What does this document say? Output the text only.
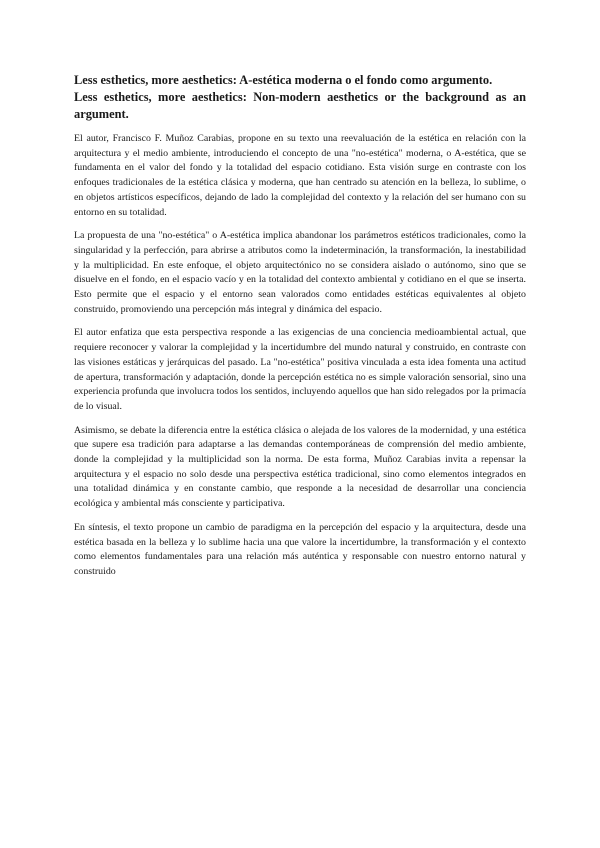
Less esthetics, more aesthetics: A-estética moderna o el fondo como argumento.
Less esthetics, more aesthetics: Non-modern aesthetics or the background as an argument.

El autor, Francisco F. Muñoz Carabias, propone en su texto una reevaluación de la estética en relación con la arquitectura y el medio ambiente, introduciendo el concepto de una "no-estética" moderna, o A-estética, que se fundamenta en el valor del fondo y la totalidad del espacio cotidiano. Esta visión surge en contraste con los enfoques tradicionales de la estética clásica y moderna, que han centrado su atención en la belleza, lo sublime, o en objetos artísticos específicos, dejando de lado la complejidad del contexto y la relación del ser humano con su entorno en su totalidad.

La propuesta de una "no-estética" o A-estética implica abandonar los parámetros estéticos tradicionales, como la singularidad y la perfección, para abrirse a atributos como la indeterminación, la transformación, la inestabilidad y la multiplicidad. En este enfoque, el objeto arquitectónico no se considera aislado o autónomo, sino que se disuelve en el fondo, en el espacio vacío y en la totalidad del contexto ambiental y cotidiano en el que se inserta. Esto permite que el espacio y el entorno sean valorados como entidades estéticas equivalentes al objeto construido, promoviendo una percepción más integral y dinámica del espacio.

El autor enfatiza que esta perspectiva responde a las exigencias de una conciencia medioambiental actual, que requiere reconocer y valorar la complejidad y la incertidumbre del mundo natural y construido, en contraste con las visiones estáticas y jerárquicas del pasado. La "no-estética" positiva vinculada a esta idea fomenta una actitud de apertura, transformación y adaptación, donde la percepción estética no es simple valoración sensorial, sino una experiencia profunda que involucra todos los sentidos, incluyendo aquellos que han sido relegados por la primacía de lo visual.

Asimismo, se debate la diferencia entre la estética clásica o alejada de los valores de la modernidad, y una estética que supere esa tradición para adaptarse a las demandas contemporáneas de comprensión del medio ambiente, donde la complejidad y la multiplicidad son la norma. De esta forma, Muñoz Carabias invita a repensar la arquitectura y el espacio no solo desde una perspectiva estética tradicional, sino como elementos integrados en una totalidad dinámica y en constante cambio, que responde a la necesidad de desarrollar una conciencia ecológica y ambiental más consciente y participativa.

En síntesis, el texto propone un cambio de paradigma en la percepción del espacio y la arquitectura, desde una estética basada en la belleza y lo sublime hacia una que valore la incertidumbre, la transformación y el contexto como elementos fundamentales para una relación más auténtica y responsable con nuestro entorno natural y construido
